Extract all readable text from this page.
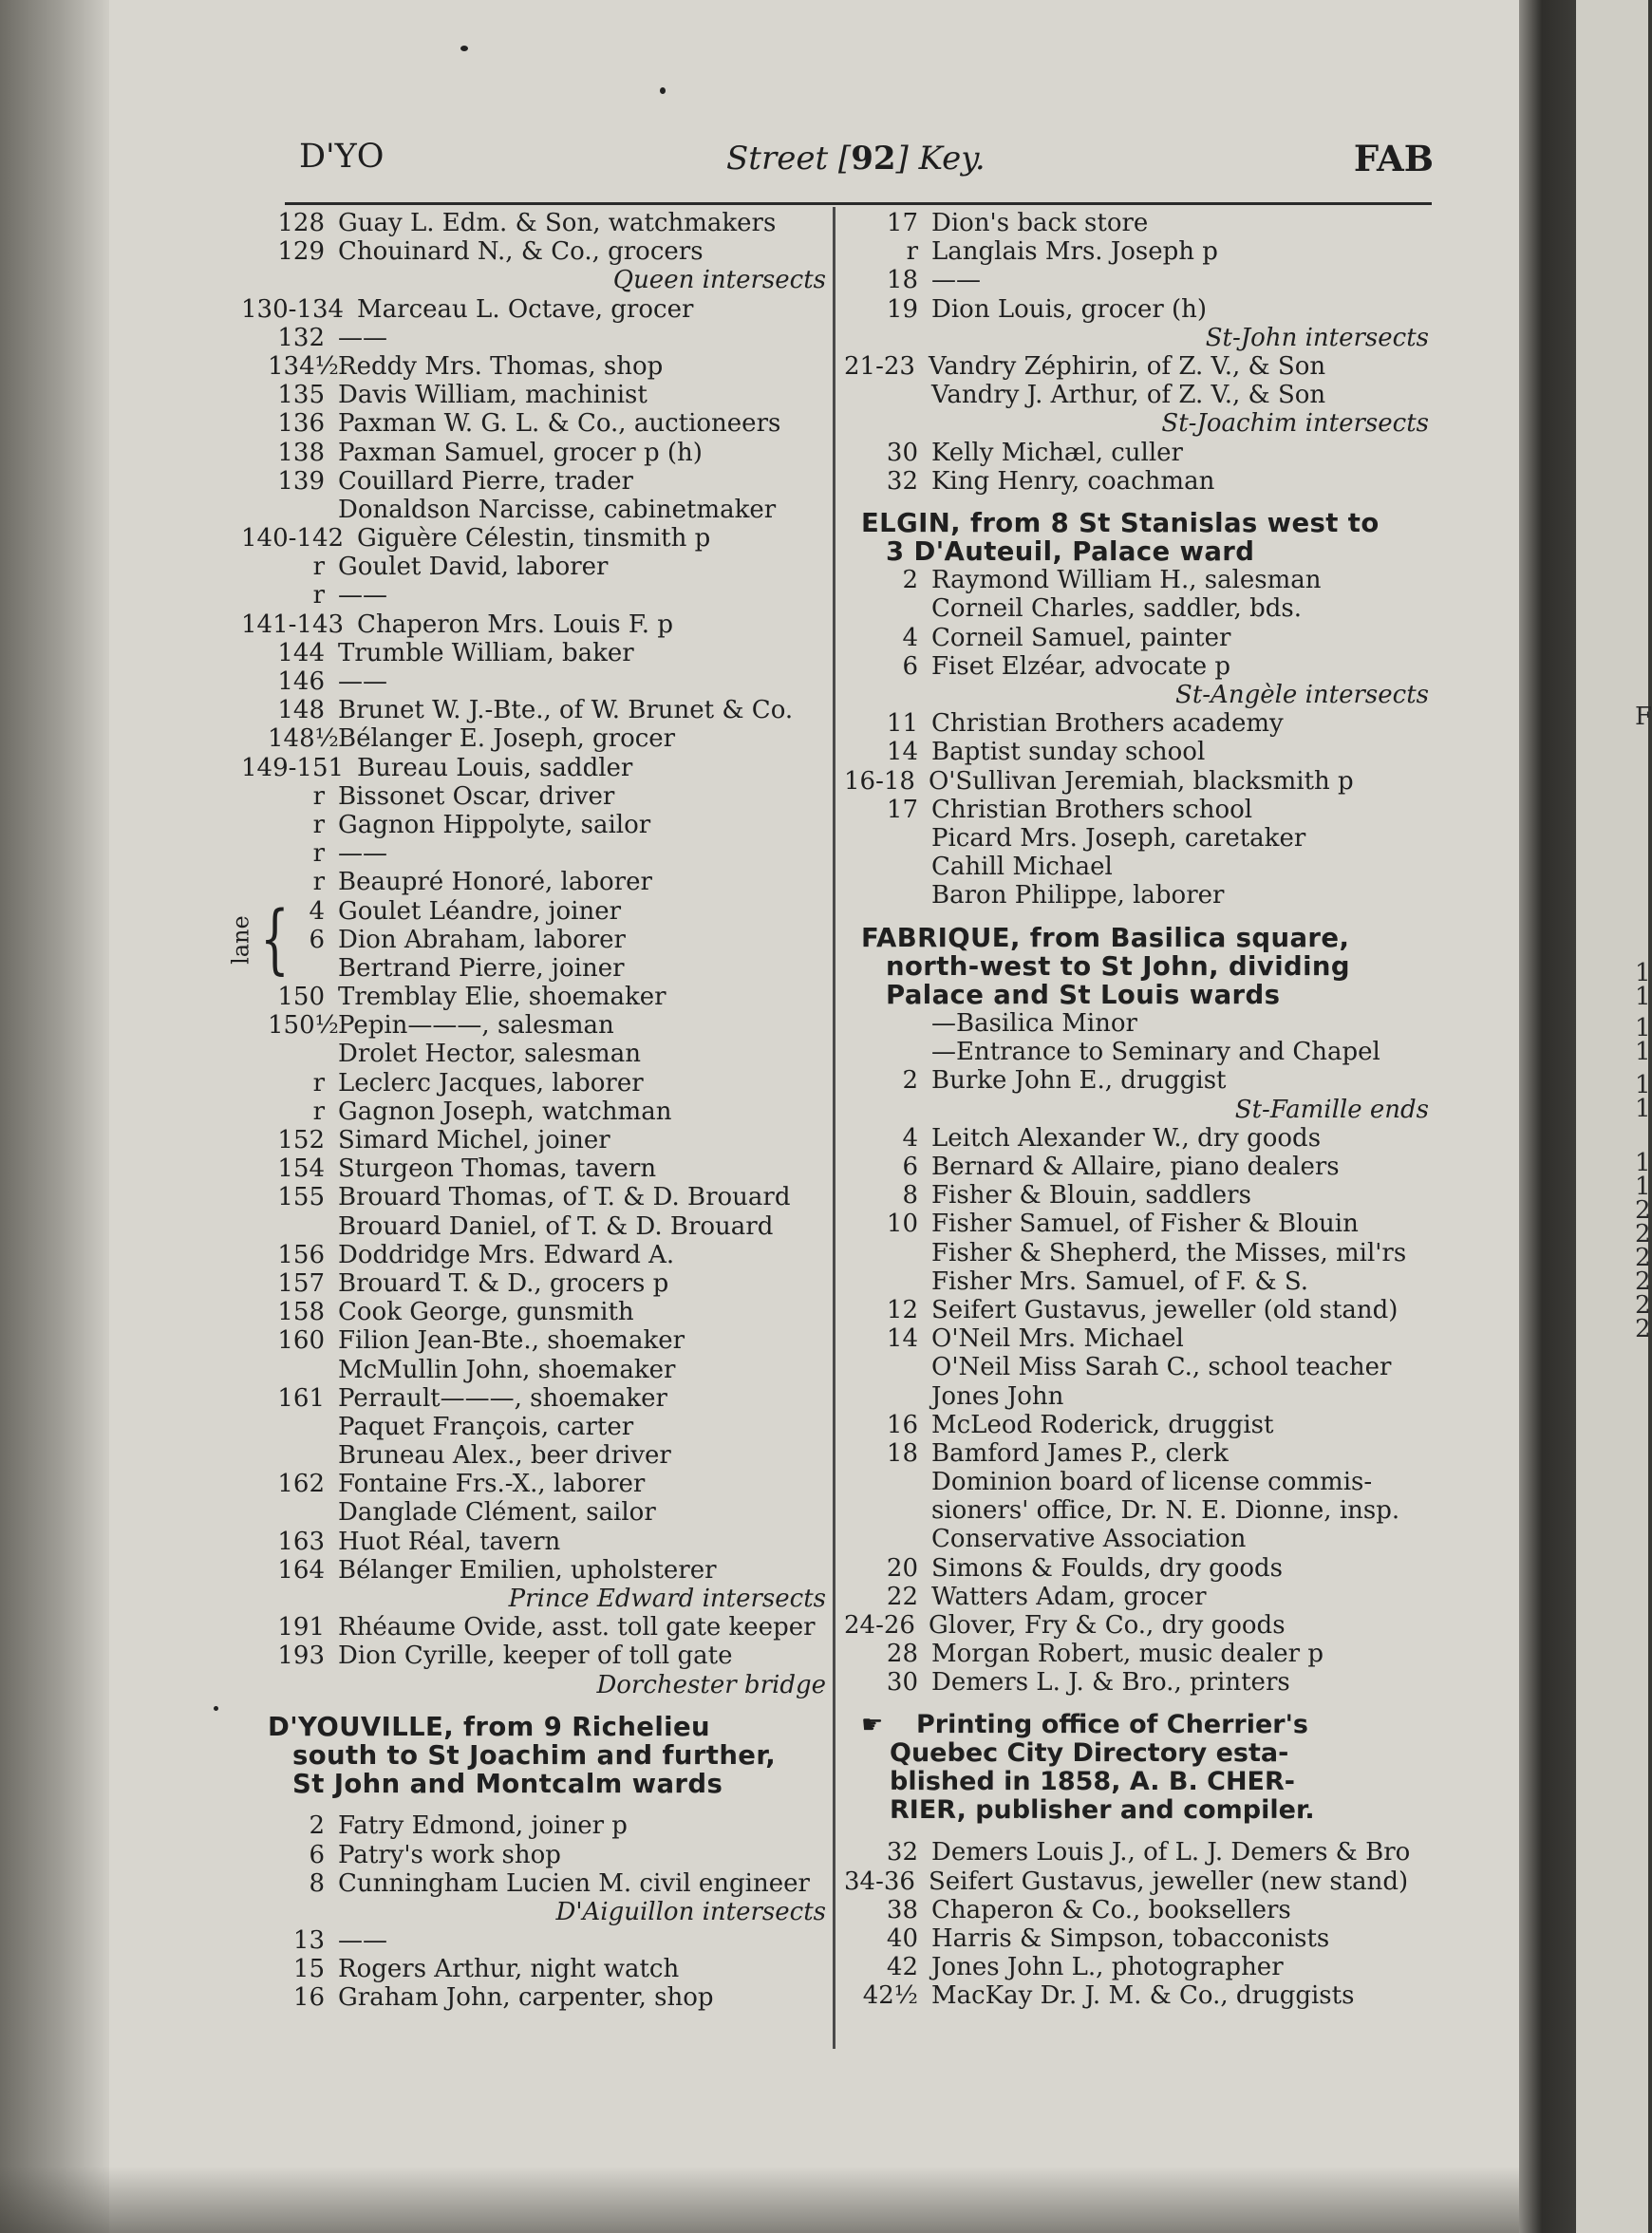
D'YO	Street [92] Key.	FAB
128 Guay L. Edm. & Son, watchmakers
129 Chouinard N., & Co., grocers
Queen intersects
130-134 Marceau L. Octave, grocer
132 ——
134½Reddy Mrs. Thomas, shop
135 Davis William, machinist
136 Paxman W. G. L. & Co., auctioneers
138 Paxman Samuel, grocer p (h)
139 Couillard Pierre, trader
Donaldson Narcisse, cabinetmaker
140-142 Giguère Célestin, tinsmith p
r Goulet David, laborer
r ——
141-143 Chaperon Mrs. Louis F. p
144 Trumble William, baker
146 ——
148 Brunet W. J.-Bte., of W. Brunet & Co.
148½Bélanger E. Joseph, grocer
149-151 Bureau Louis, saddler
r Bissonet Oscar, driver
r Gagnon Hippolyte, sailor
r ——
r Beaupré Honoré, laborer
4 Goulet Léandre, joiner
lane { 6 Dion Abraham, laborer
Bertrand Pierre, joiner
150 Tremblay Elie, shoemaker
150½Pepin———, salesman
Drolet Hector, salesman
r Leclerc Jacques, laborer
r Gagnon Joseph, watchman
152 Simard Michel, joiner
154 Sturgeon Thomas, tavern
155 Brouard Thomas, of T. & D. Brouard
Brouard Daniel, of T. & D. Brouard
156 Doddridge Mrs. Edward A.
157 Brouard T. & D., grocers p
158 Cook George, gunsmith
160 Filion Jean-Bte., shoemaker
McMullin John, shoemaker
161 Perrault———, shoemaker
Paquet François, carter
Bruneau Alex., beer driver
162 Fontaine Frs.-X., laborer
Danglade Clément, sailor
163 Huot Réal, tavern
164 Bélanger Emilien, upholsterer
Prince Edward intersects
191 Rhéaume Ovide, asst. toll gate keeper
193 Dion Cyrille, keeper of toll gate
Dorchester bridge
D'YOUVILLE, from 9 Richelieu
south to St Joachim and further,
St John and Montcalm wards
2 Fatry Edmond, joiner p
6 Patry's work shop
8 Cunningham Lucien M. civil engineer
D'Aiguillon intersects
13 ——
15 Rogers Arthur, night watch
16 Graham John, carpenter, shop
17 Dion's back store
r Langlais Mrs. Joseph p
18 ——
19 Dion Louis, grocer (h)
St-John intersects
21-23 Vandry Zéphirin, of Z. V., & Son
Vandry J. Arthur, of Z. V., & Son
St-Joachim intersects
30 Kelly Michæl, culler
32 King Henry, coachman
ELGIN, from 8 St Stanislas west to
3 D'Auteuil, Palace ward
2 Raymond William H., salesman
Corneil Charles, saddler, bds.
4 Corneil Samuel, painter
6 Fiset Elzéar, advocate p
St-Angèle intersects
11 Christian Brothers academy
14 Baptist sunday school
16-18 O'Sullivan Jeremiah, blacksmith p
17 Christian Brothers school
Picard Mrs. Joseph, caretaker
Cahill Michael
Baron Philippe, laborer
FABRIQUE, from Basilica square,
north-west to St John, dividing
Palace and St Louis wards
—Basilica Minor
—Entrance to Seminary and Chapel
2 Burke John E., druggist
St-Famille ends
4 Leitch Alexander W., dry goods
6 Bernard & Allaire, piano dealers
8 Fisher & Blouin, saddlers
10 Fisher Samuel, of Fisher & Blouin
Fisher & Shepherd, the Misses, mil'rs
Fisher Mrs. Samuel, of F. & S.
12 Seifert Gustavus, jeweller (old stand)
14 O'Neil Mrs. Michael
O'Neil Miss Sarah C., school teacher
Jones John
16 McLeod Roderick, druggist
18 Bamford James P., clerk
Dominion board of license commis-
sioners' office, Dr. N. E. Dionne, insp.
Conservative Association
20 Simons & Foulds, dry goods
22 Watters Adam, grocer
24-26 Glover, Fry & Co., dry goods
28 Morgan Robert, music dealer p
30 Demers L. J. & Bro., printers
☛ Printing office of Cherrier's
Quebec City Directory esta-
blished in 1858, A. B. CHER-
RIER, publisher and compiler.
32 Demers Louis J., of L. J. Demers & Bro
34-36 Seifert Gustavus, jeweller (new stand)
38 Chaperon & Co., booksellers
40 Harris & Simpson, tobacconists
42 Jones John L., photographer
42½ MacKay Dr. J. M. & Co., druggists
F
1
1
1
1
1
1
1
1
2
2
2
2
2
2
